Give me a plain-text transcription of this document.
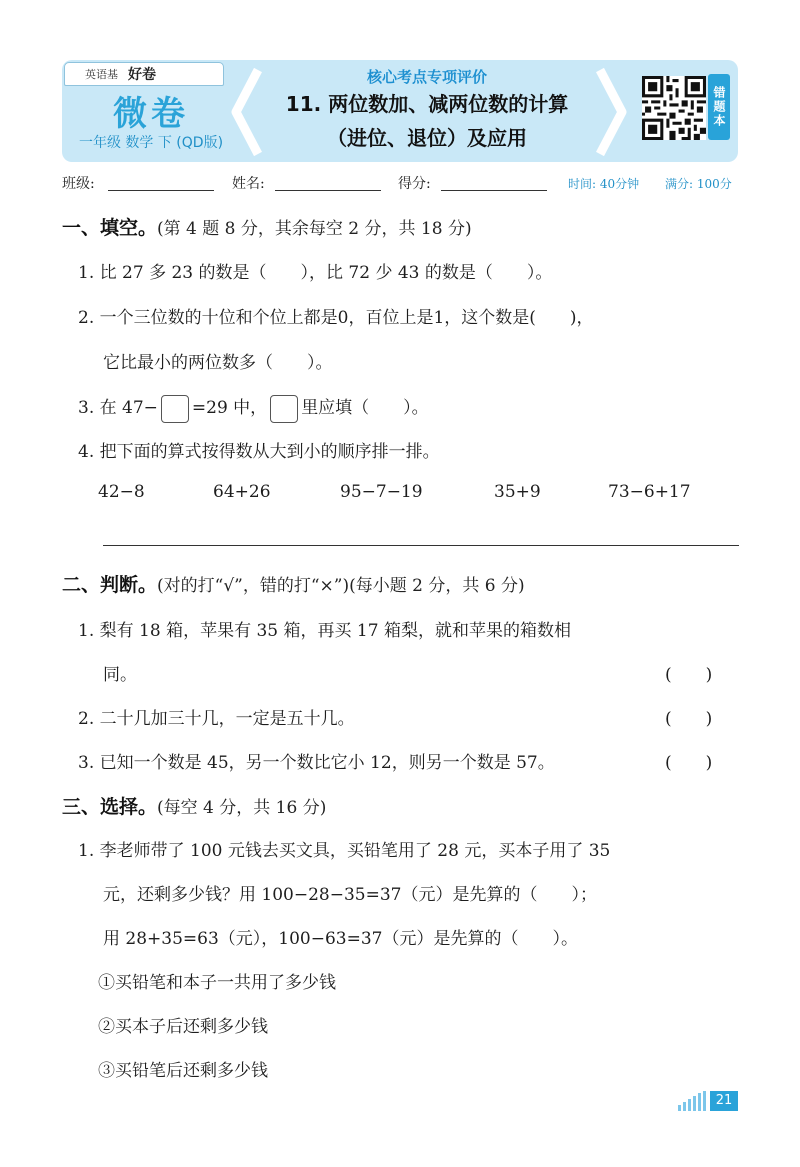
英语基 好卷
微卷
一年级 数学 下 (QD版)
核心考点专项评价
11. 两位数加、减两位数的计算
（进位、退位）及应用
错题本
班级:	姓名:	得分:	时间: 40分钟 满分: 100分
一、填空。(第 4 题 8 分，其余每空 2 分，共 18 分)
1. 比 27 多 23 的数是（　　），比 72 少 43 的数是（　　）。
2. 一个三位数的十位和个位上都是0，百位上是1，这个数是(　　)，
它比最小的两位数多（　　）。
3. 在 47− =29 中， 里应填（　　）。
4. 把下面的算式按得数从大到小的顺序排一排。
42−8	64+26	95−7−19	35+9	73−6+17
二、判断。(对的打“√”，错的打“×”)(每小题 2 分，共 6 分)
1. 梨有 18 箱，苹果有 35 箱，再买 17 箱梨，就和苹果的箱数相
同。	(　　)
2. 二十几加三十几，一定是五十几。	(　　)
3. 已知一个数是 45，另一个数比它小 12，则另一个数是 57。	(　　)
三、选择。(每空 4 分，共 16 分)
1. 李老师带了 100 元钱去买文具，买铅笔用了 28 元，买本子用了 35
元，还剩多少钱？用 100−28−35=37（元）是先算的（　　）；
用 28+35=63（元），100−63=37（元）是先算的（　　）。
①买铅笔和本子一共用了多少钱
②买本子后还剩多少钱
③买铅笔后还剩多少钱
21
